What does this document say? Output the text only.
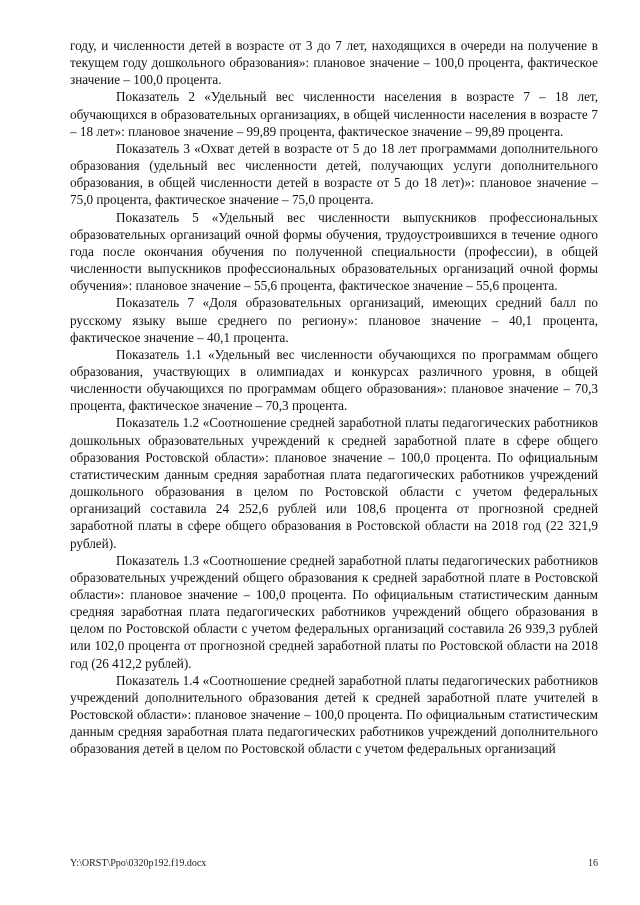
году, и численности детей в возрасте от 3 до 7 лет, находящихся в очереди на получение в текущем году дошкольного образования»: плановое значение – 100,0 процента, фактическое значение – 100,0 процента.

Показатель 2 «Удельный вес численности населения в возрасте 7 – 18 лет, обучающихся в образовательных организациях, в общей численности населения в возрасте 7 – 18 лет»: плановое значение – 99,89 процента, фактическое значение – 99,89 процента.

Показатель 3 «Охват детей в возрасте от 5 до 18 лет программами дополнительного образования (удельный вес численности детей, получающих услуги дополнительного образования, в общей численности детей в возрасте от 5 до 18 лет)»: плановое значение – 75,0 процента, фактическое значение – 75,0 процента.

Показатель 5 «Удельный вес численности выпускников профессиональных образовательных организаций очной формы обучения, трудоустроившихся в течение одного года после окончания обучения по полученной специальности (профессии), в общей численности выпускников профессиональных образовательных организаций очной формы обучения»: плановое значение – 55,6 процента, фактическое значение – 55,6 процента.

Показатель 7 «Доля образовательных организаций, имеющих средний балл по русскому языку выше среднего по региону»: плановое значение – 40,1 процента, фактическое значение – 40,1 процента.

Показатель 1.1 «Удельный вес численности обучающихся по программам общего образования, участвующих в олимпиадах и конкурсах различного уровня, в общей численности обучающихся по программам общего образования»: плановое значение – 70,3 процента, фактическое значение – 70,3 процента.

Показатель 1.2 «Соотношение средней заработной платы педагогических работников дошкольных образовательных учреждений к средней заработной плате в сфере общего образования Ростовской области»: плановое значение – 100,0 процента. По официальным статистическим данным средняя заработная плата педагогических работников учреждений дошкольного образования в целом по Ростовской области с учетом федеральных организаций составила 24 252,6 рублей или 108,6 процента от прогнозной средней заработной платы в сфере общего образования в Ростовской области на 2018 год (22 321,9 рублей).

Показатель 1.3 «Соотношение средней заработной платы педагогических работников образовательных учреждений общего образования к средней заработной плате в Ростовской области»: плановое значение – 100,0 процента. По официальным статистическим данным средняя заработная плата педагогических работников учреждений общего образования в целом по Ростовской области с учетом федеральных организаций составила 26 939,3 рублей или 102,0 процента от прогнозной средней заработной платы по Ростовской области на 2018 год (26 412,2 рублей).

Показатель 1.4 «Соотношение средней заработной платы педагогических работников учреждений дополнительного образования детей к средней заработной плате учителей в Ростовской области»: плановое значение – 100,0 процента. По официальным статистическим данным средняя заработная плата педагогических работников учреждений дополнительного образования детей в целом по Ростовской области с учетом федеральных организаций

Y:\ORST\Ppo\0320p192.f19.docx	16
